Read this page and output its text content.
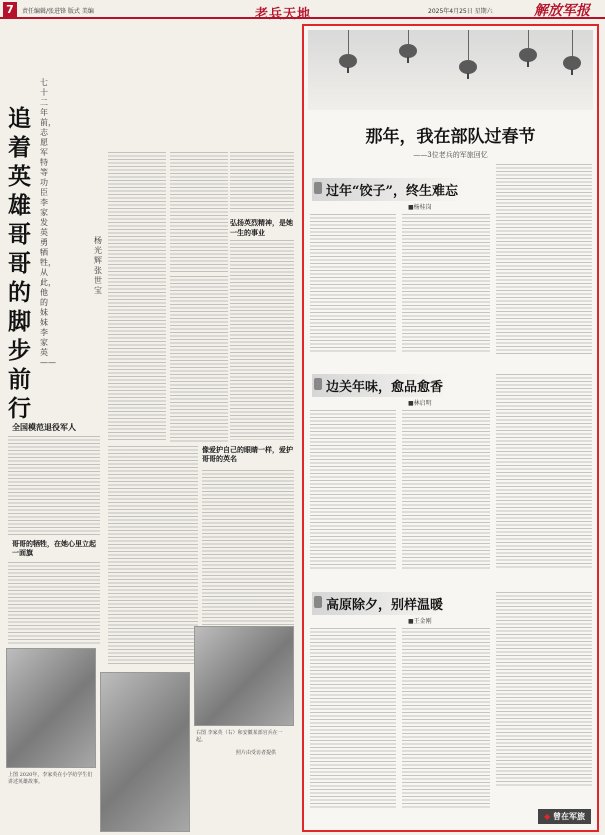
7	责任编辑/张进锋 版式 美编	老兵天地	2025年4月25日 星期六	解放军报
七十二年前，志愿军特等功臣李家发英勇牺牲，从此，他的妹妹李家英——
追着英雄哥哥的脚步前行
杨光辉 张世宝
弘扬英烈精神，是她一生的事业
全国模范退役军人
哥哥的牺牲，在她心里立起一面旗
像爱护自己的眼睛一样，爱护哥哥的英名
上图 2020年，李家英在小学给学生们讲述英雄故事。
右图 李家英（右）和安徽某部官兵在一起。
照片由受访者提供
那年，我在部队过春节
——3位老兵的军旅回忆
过年“饺子”，终生难忘
■杨桂岗
边关年味，愈品愈香
■林启明
高原除夕，别样温暖
■王金刚
◆ 曾在军旅
